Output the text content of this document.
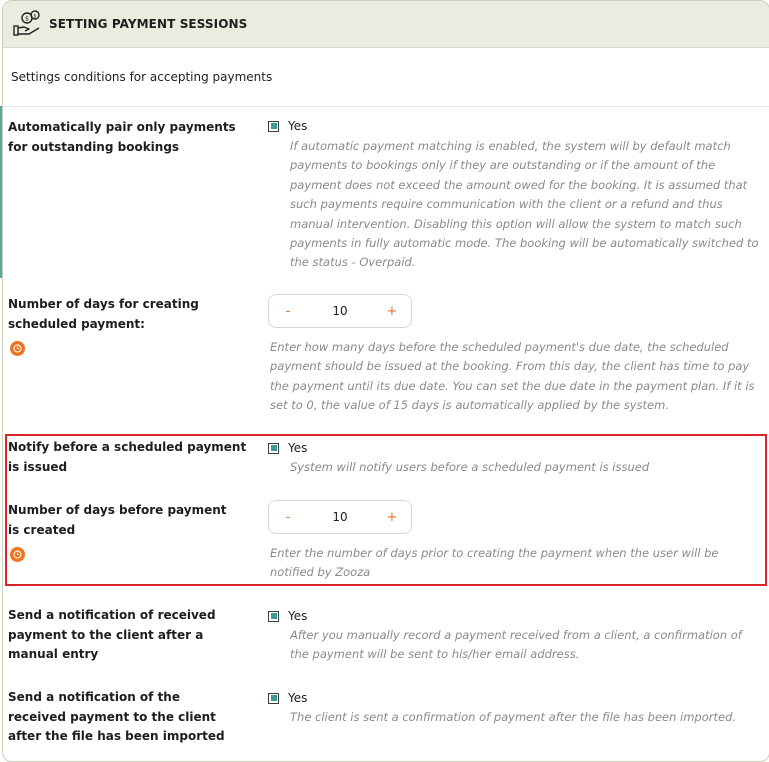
$ $
SETTING PAYMENT SESSIONS
Settings conditions for accepting payments
Automatically pair only payments for outstanding bookings
Yes
If automatic payment matching is enabled, the system will by default match payments to bookings only if they are outstanding or if the amount of the payment does not exceed the amount owed for the booking. It is assumed that such payments require communication with the client or a refund and thus manual intervention. Disabling this option will allow the system to match such payments in fully automatic mode. The booking will be automatically switched to the status - Overpaid.
Number of days for creating scheduled payment:
-	10	+
Enter how many days before the scheduled payment's due date, the scheduled payment should be issued at the booking. From this day, the client has time to pay the payment until its due date. You can set the due date in the payment plan. If it is set to 0, the value of 15 days is automatically applied by the system.
Notify before a scheduled payment is issued
Yes
System will notify users before a scheduled payment is issued
Number of days before payment is created
-	10	+
Enter the number of days prior to creating the payment when the user will be notified by Zooza
Send a notification of received payment to the client after a manual entry
Yes
After you manually record a payment received from a client, a confirmation of the payment will be sent to his/her email address.
Send a notification of the received payment to the client after the file has been imported
Yes
The client is sent a confirmation of payment after the file has been imported.
